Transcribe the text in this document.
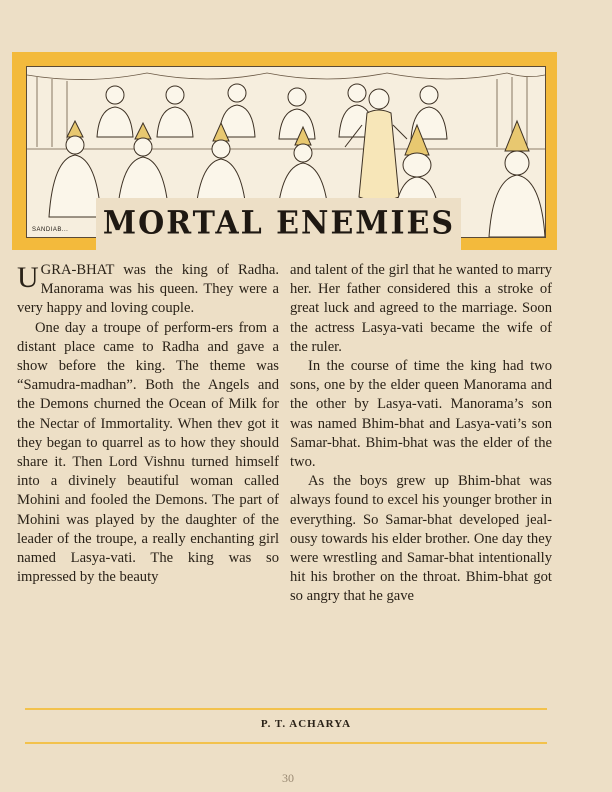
MORTAL ENEMIES
SANDIAB...
U GRA-BHAT was the king of Radha. Manorama was his queen. They were a very happy and loving couple.

One day a troupe of perform-ers from a distant place came to Radha and gave a show before the king. The theme was “Samudra-madhan”. Both the Angels and the Demons churned the Ocean of Milk for the Nectar of Immortality. When thev got it they began to quarrel as to how they should share it. Then Lord Vishnu turned himself into a divinely beautiful woman called Mohini and fooled the Demons. The part of Mohini was played by the daughter of the leader of the troupe, a really enchanting girl named Lasya-vati. The king was so impressed by the beauty

and talent of the girl that he wanted to marry her. Her father considered this a stroke of great luck and agreed to the marriage. Soon the actress Lasya-vati became the wife of the ruler.

In the course of time the king had two sons, one by the elder queen Manorama and the other by Lasya-vati. Manorama’s son was named Bhim-bhat and Lasya-vati’s son Samar-bhat. Bhim-bhat was the elder of the two.

As the boys grew up Bhim-bhat was always found to excel his younger brother in everything. So Samar-bhat developed jeal-ousy towards his elder brother. One day they were wrestling and Samar-bhat intentionally hit his brother on the throat. Bhim-bhat got so angry that he gave

P. T. ACHARYA
30
